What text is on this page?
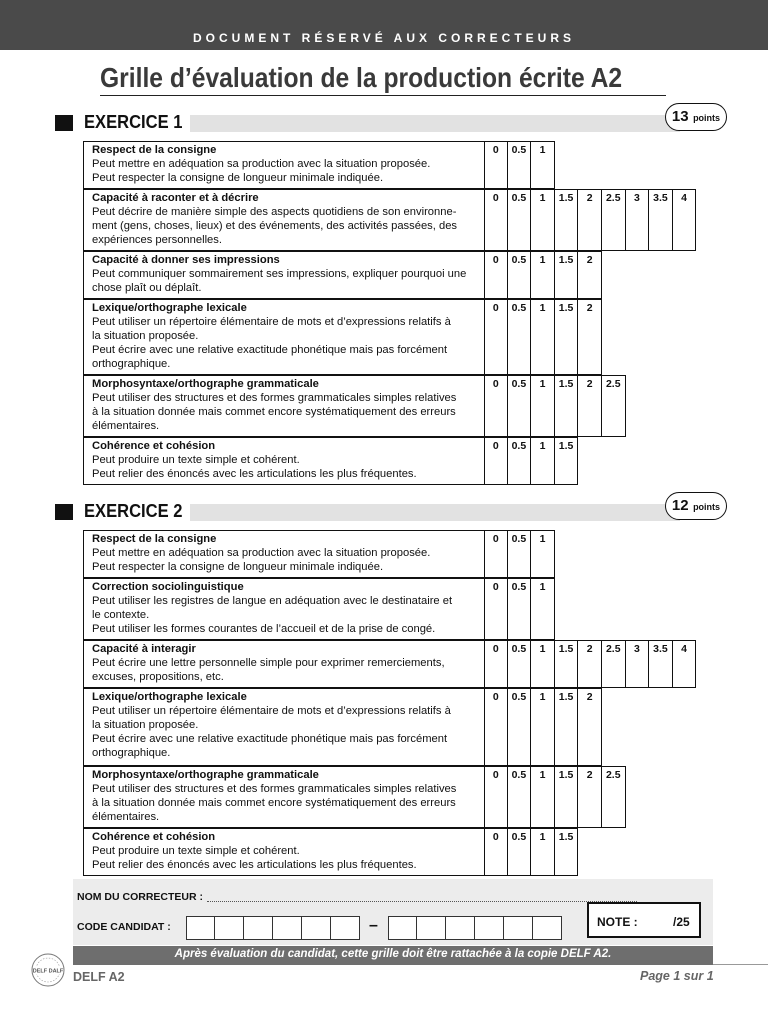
DOCUMENT RÉSERVÉ AUX CORRECTEURS
Grille d’évaluation de la production écrite A2
EXERCICE 1	13 points
Respect de la consigne
Peut mettre en adéquation sa production avec la situation proposée.
Peut respecter la consigne de longueur minimale indiquée.
0	0.5	1
Capacité à raconter et à décrire
Peut décrire de manière simple des aspects quotidiens de son environne-
ment (gens, choses, lieux) et des événements, des activités passées, des
expériences personnelles.
0	0.5	1	1.5	2	2.5	3	3.5	4
Capacité à donner ses impressions
Peut communiquer sommairement ses impressions, expliquer pourquoi une
chose plaît ou déplaît.
0	0.5	1	1.5	2
Lexique/orthographe lexicale
Peut utiliser un répertoire élémentaire de mots et d’expressions relatifs à
la situation proposée.
Peut écrire avec une relative exactitude phonétique mais pas forcément
orthographique.
0	0.5	1	1.5	2
Morphosyntaxe/orthographe grammaticale
Peut utiliser des structures et des formes grammaticales simples relatives
à la situation donnée mais commet encore systématiquement des erreurs
élémentaires.
0	0.5	1	1.5	2	2.5
Cohérence et cohésion
Peut produire un texte simple et cohérent.
Peut relier des énoncés avec les articulations les plus fréquentes.
0	0.5	1	1.5
EXERCICE 2	12 points
Respect de la consigne
Peut mettre en adéquation sa production avec la situation proposée.
Peut respecter la consigne de longueur minimale indiquée.
0	0.5	1
Correction sociolinguistique
Peut utiliser les registres de langue en adéquation avec le destinataire et
le contexte.
Peut utiliser les formes courantes de l’accueil et de la prise de congé.
0	0.5	1
Capacité à interagir
Peut écrire une lettre personnelle simple pour exprimer remerciements,
excuses, propositions, etc.
0	0.5	1	1.5	2	2.5	3	3.5	4
Lexique/orthographe lexicale
Peut utiliser un répertoire élémentaire de mots et d’expressions relatifs à
la situation proposée.
Peut écrire avec une relative exactitude phonétique mais pas forcément
orthographique.
0	0.5	1	1.5	2
Morphosyntaxe/orthographe grammaticale
Peut utiliser des structures et des formes grammaticales simples relatives
à la situation donnée mais commet encore systématiquement des erreurs
élémentaires.
0	0.5	1	1.5	2	2.5
Cohérence et cohésion
Peut produire un texte simple et cohérent.
Peut relier des énoncés avec les articulations les plus fréquentes.
0	0.5	1	1.5
NOM DU CORRECTEUR :
CODE CANDIDAT :	–	NOTE :	/25
Après évaluation du candidat, cette grille doit être rattachée à la copie DELF A2.
DELF DALF DELF A2	Page 1 sur 1
